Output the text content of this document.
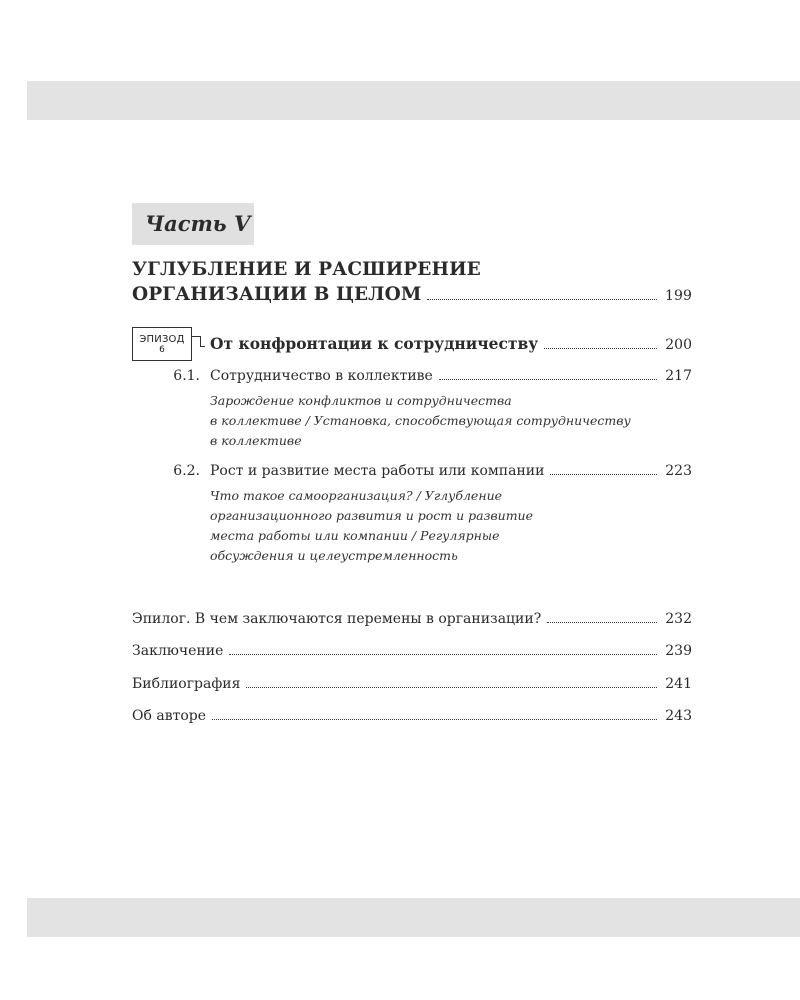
Часть V
УГЛУБЛЕНИЕ И РАСШИРЕНИЕ
ОРГАНИЗАЦИИ В ЦЕЛОМ	199
ЭПИЗОД
6	От конфронтации к сотрудничеству	200
6.1. Сотрудничество в коллективе	217
Зарождение конфликтов и сотрудничества
в коллективе / Установка, способствующая сотрудничеству
в коллективе
6.2. Рост и развитие места работы или компании	223
Что такое самоорганизация? / Углубление
организационного развития и рост и развитие
места работы или компании / Регулярные
обсуждения и целеустремленность
Эпилог. В чем заключаются перемены в организации?	232
Заключение	239
Библиография	241
Об авторе	243
